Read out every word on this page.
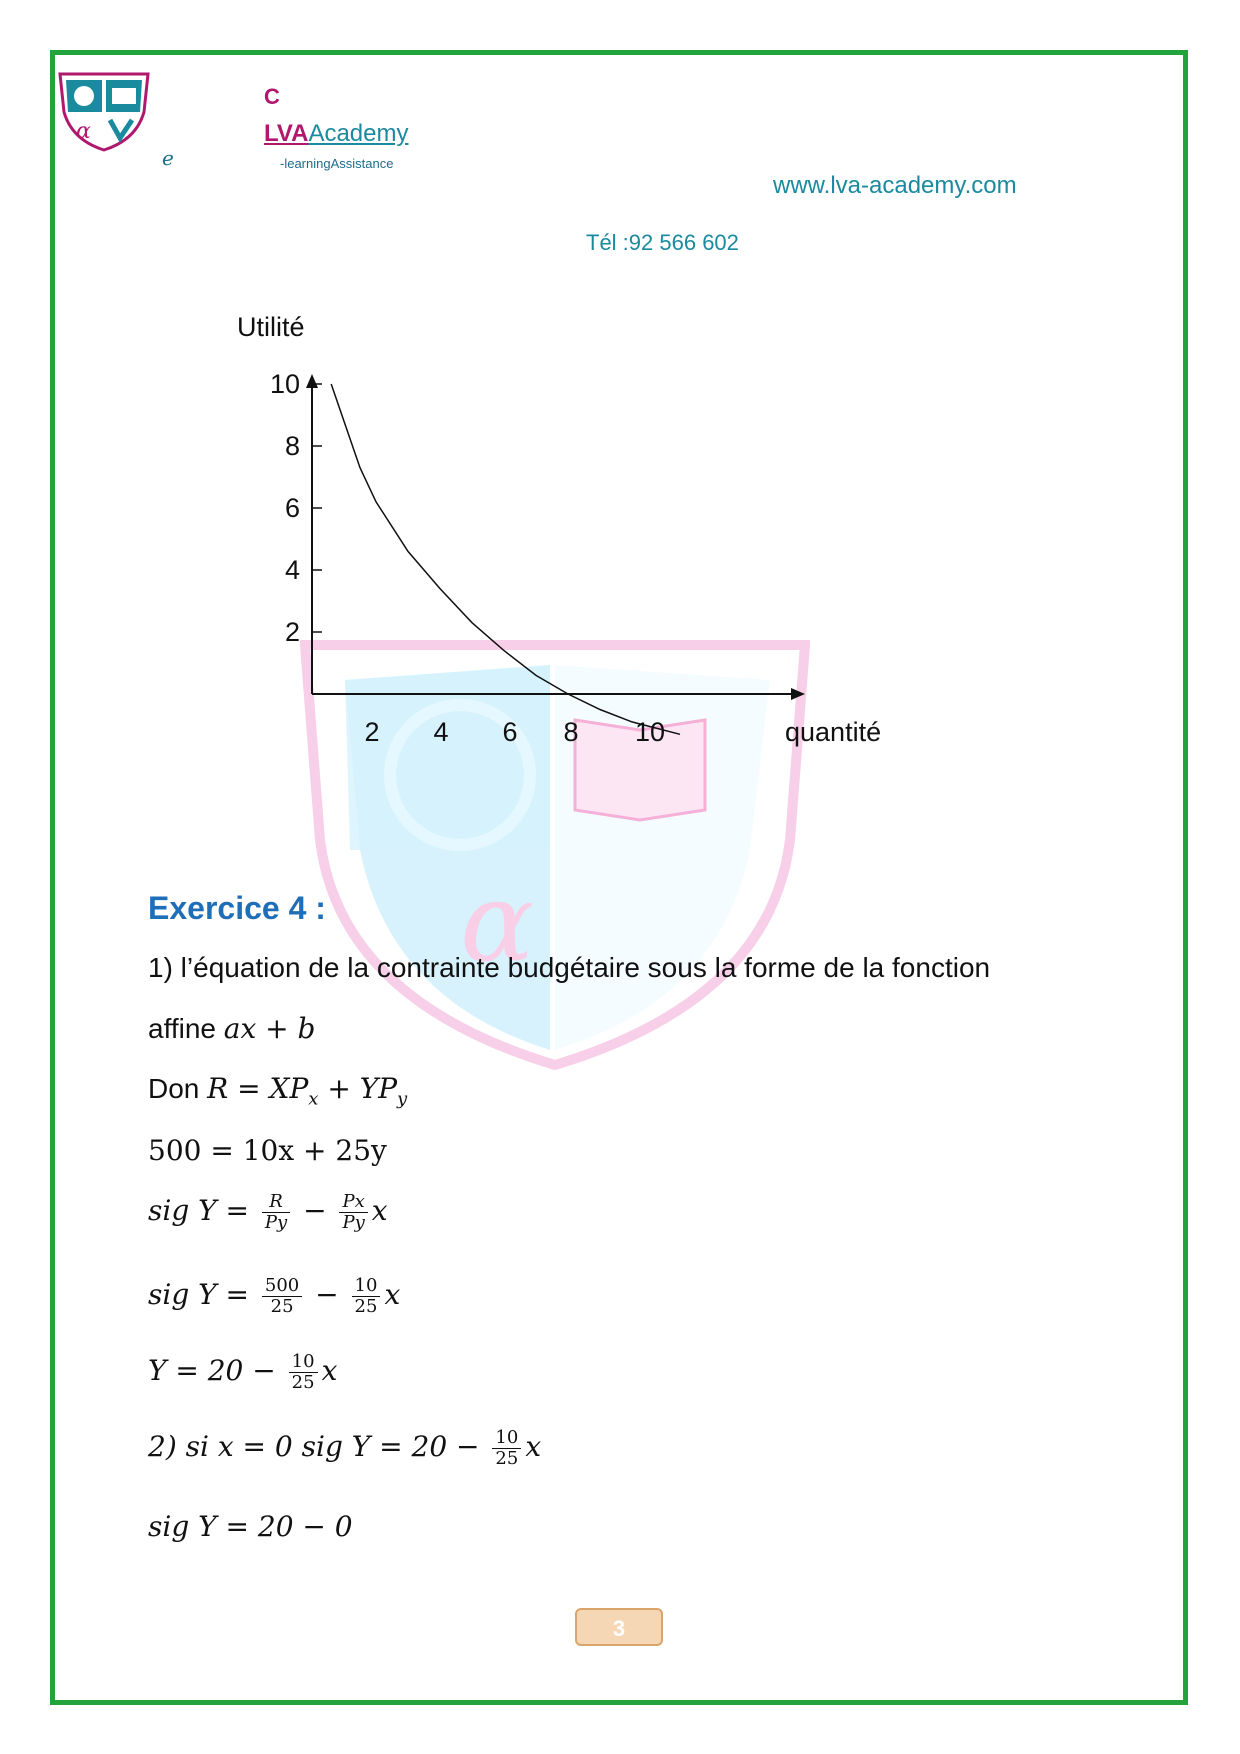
α
α
e
C
LVAAcademy
-learningAssistance
www.lva-academy.com
Tél :92 566 602
Utilité
quantité
10
8
6
4
2
2 4 6 8 10
Exercice 4 :
1) l’équation de la contrainte budgétaire sous la forme de la fonction
affine ax + b
Don $R = XP_x + YP_y$
500 = 10x + 25y
sig $Y = \frac{R}{Py} - \frac{Px}{Py}$ x
sig $Y = \frac{500}{25} - \frac{10}{25}$ x
$Y = 20 - \frac{10}{25}$ x
2) si x = 0 sig $Y = 20 - \frac{10}{25}$ x
sig Y = 20 − 0
3
